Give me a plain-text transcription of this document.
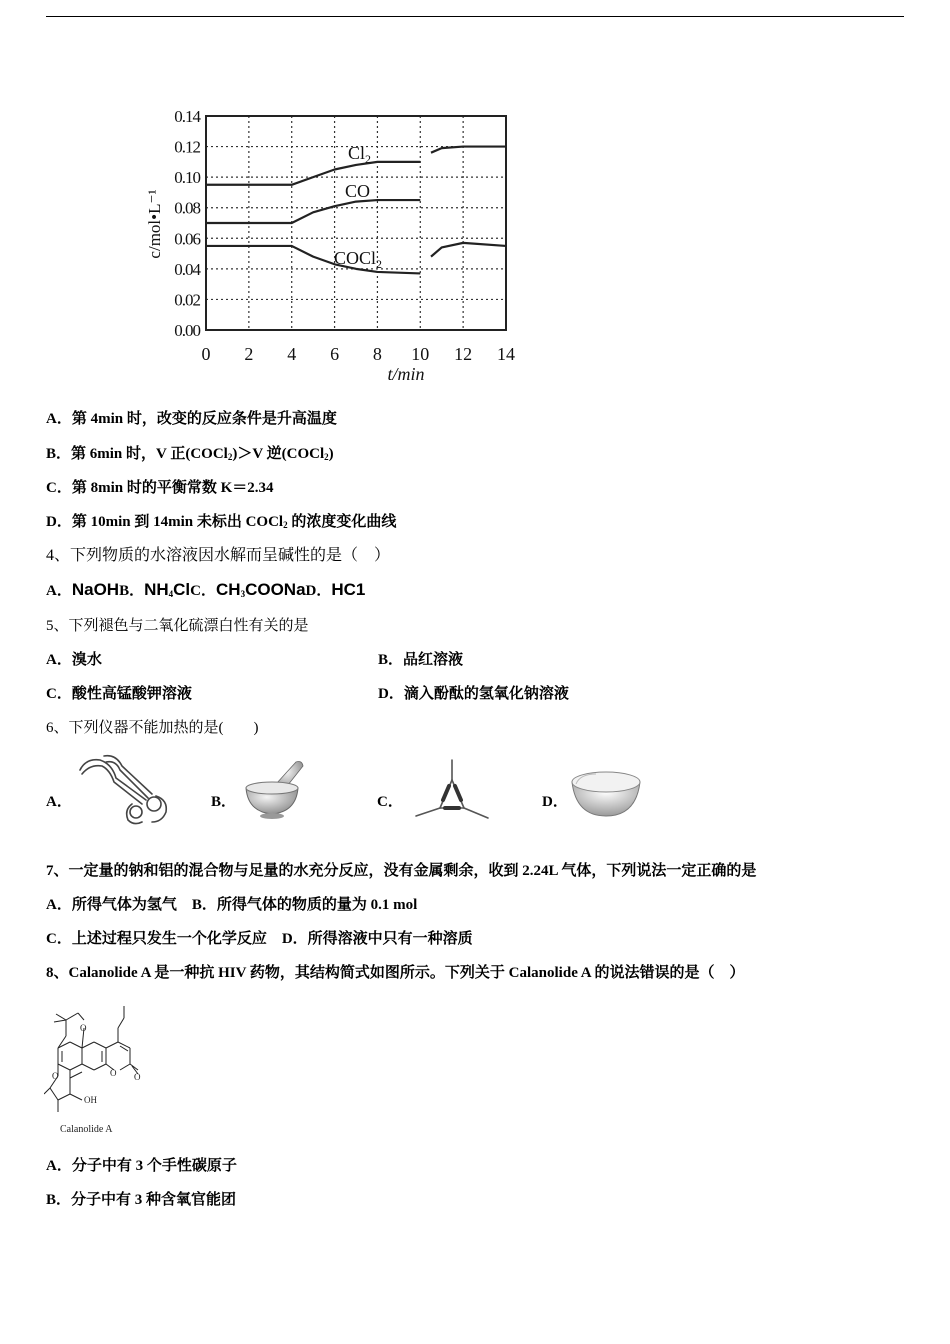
0 2 4 6 8 10 12 14
0.00
0.02
0.04
0.06
0.08
0.10
0.12
0.14
t/min
c/mol•L⁻¹
$Cl_2$
CO
COCl$_2$
A．第 4min 时，改变的反应条件是升高温度
B．第 6min 时，V 正(COCl$_2$)＞V 逆(COCl$_2$)
C．第 8min 时的平衡常数 K＝2.34
D．第 10min 到 14min 未标出 COCl$_2$ 的浓度变化曲线
4、下列物质的水溶液因水解而呈碱性的是（　）
A．NaOHB．$NH_4ClC$．$CH_3COONaD$．HC1
5、下列褪色与二氧化硫漂白性有关的是
A．溴水	B．品红溶液
C．酸性高锰酸钾溶液	D．滴入酚酞的氢氧化钠溶液
6、下列仪器不能加热的是(　　)
A．	B．	C．	D．
7、一定量的钠和铝的混合物与足量的水充分反应，没有金属剩余，收到 2.24L 气体，下列说法一定正确的是
A．所得气体为氢气　B．所得气体的物质的量为 0.1 mol
C．上述过程只发生一个化学反应　D．所得溶液中只有一种溶质
8、Calanolide A 是一种抗 HIV 药物，其结构简式如图所示。下列关于 Calanolide A 的说法错误的是（　）
O
O O
O
OH
Calanolide A
A．分子中有 3 个手性碳原子
B．分子中有 3 种含氧官能团
